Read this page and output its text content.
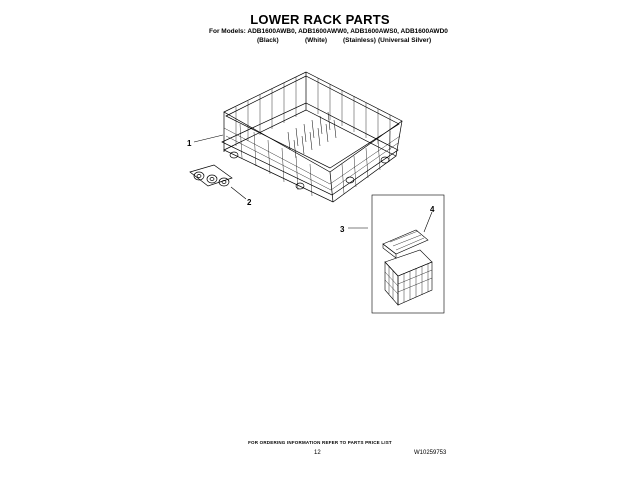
LOWER RACK PARTS
For Models: ADB1600AWB0, ADB1600AWW0, ADB1600AWS0, ADB1600AWD0
(Black)	(White) (Stainless) (Universal Silver)
1
2
3
4
FOR ORDERING INFORMATION REFER TO PARTS PRICE LIST
12	W10259753
